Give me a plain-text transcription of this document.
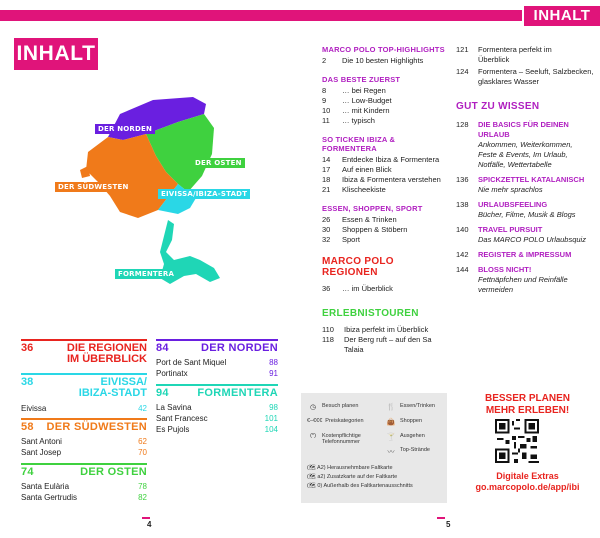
INHALT
INHALT
DER NORDEN
DER OSTEN
DER SÜDWESTEN
EIVISSA/IBIZA-STADT
FORMENTERA
36	DIE REGIONEN
IM ÜBERBLICK
38	EIVISSA/
IBIZA-STADT
Eivissa	42
58 DER SÜDWESTEN
Sant Antoni	62
Sant Josep	70
74	DER OSTEN
Santa Eulària	78
Santa Gertrudis	82
84	DER NORDEN
Port de Sant Miquel	88
Portinatx	91
94	FORMENTERA
La Savina	98
Sant Francesc	101
Es Pujols	104
4
MARCO POLO TOP-HIGHLIGHTS
2	Die 10 besten Highlights
DAS BESTE ZUERST
8	… bei Regen
9	… Low-Budget
10	… mit Kindern
11	… typisch
SO TICKEN IBIZA & FORMENTERA
14	Entdecke Ibiza & Formentera
17	Auf einen Blick
18	Ibiza & Formentera verstehen
21	Klischeekiste
ESSEN, SHOPPEN, SPORT
26	Essen & Trinken
30	Shoppen & Stöbern
32	Sport
MARCO POLO REGIONEN
36	… im Überblick
ERLEBNISTOUREN
110	Ibiza perfekt im Überblick
118	Der Berg ruft – auf den Sa Talaia
121	Formentera perfekt im Überblick
124	Formentera – Seeluft, Salzbecken, glasklares Wasser
GUT ZU WISSEN
128	DIE BASICS FÜR DEINEN URLAUB
Ankommen, Weiterkommen, Feste & Events, Im Urlaub, Notfälle, Wettertabelle
136	SPICKZETTEL KATALANISCH
Nie mehr sprachlos
138	URLAUBSFEELING
Bücher, Filme, Musik & Blogs
140	TRAVEL PURSUIT
Das MARCO POLO Urlaubsquiz
142	REGISTER & IMPRESSUM
144	BLOSS NICHT!
Fettnäpfchen und Reinfälle vermeiden
◷	Besuch planen	🍴 Essen/Trinken
€–€€€ Preiskategorien	👜 Shoppen
(*)	Kostenpflichtige Telefonnummer
🍸 Ausgehen
〰	Top-Strände
(🗺 A2) Herausnehmbare Faltkarte
(🗺 a2) Zusatzkarte auf der Faltkarte
(🗺 0) Außerhalb des Faltkartenausschnitts
BESSER PLANEN
MEHR ERLEBEN!
Digitale Extras
go.marcopolo.de/app/ibi
5
